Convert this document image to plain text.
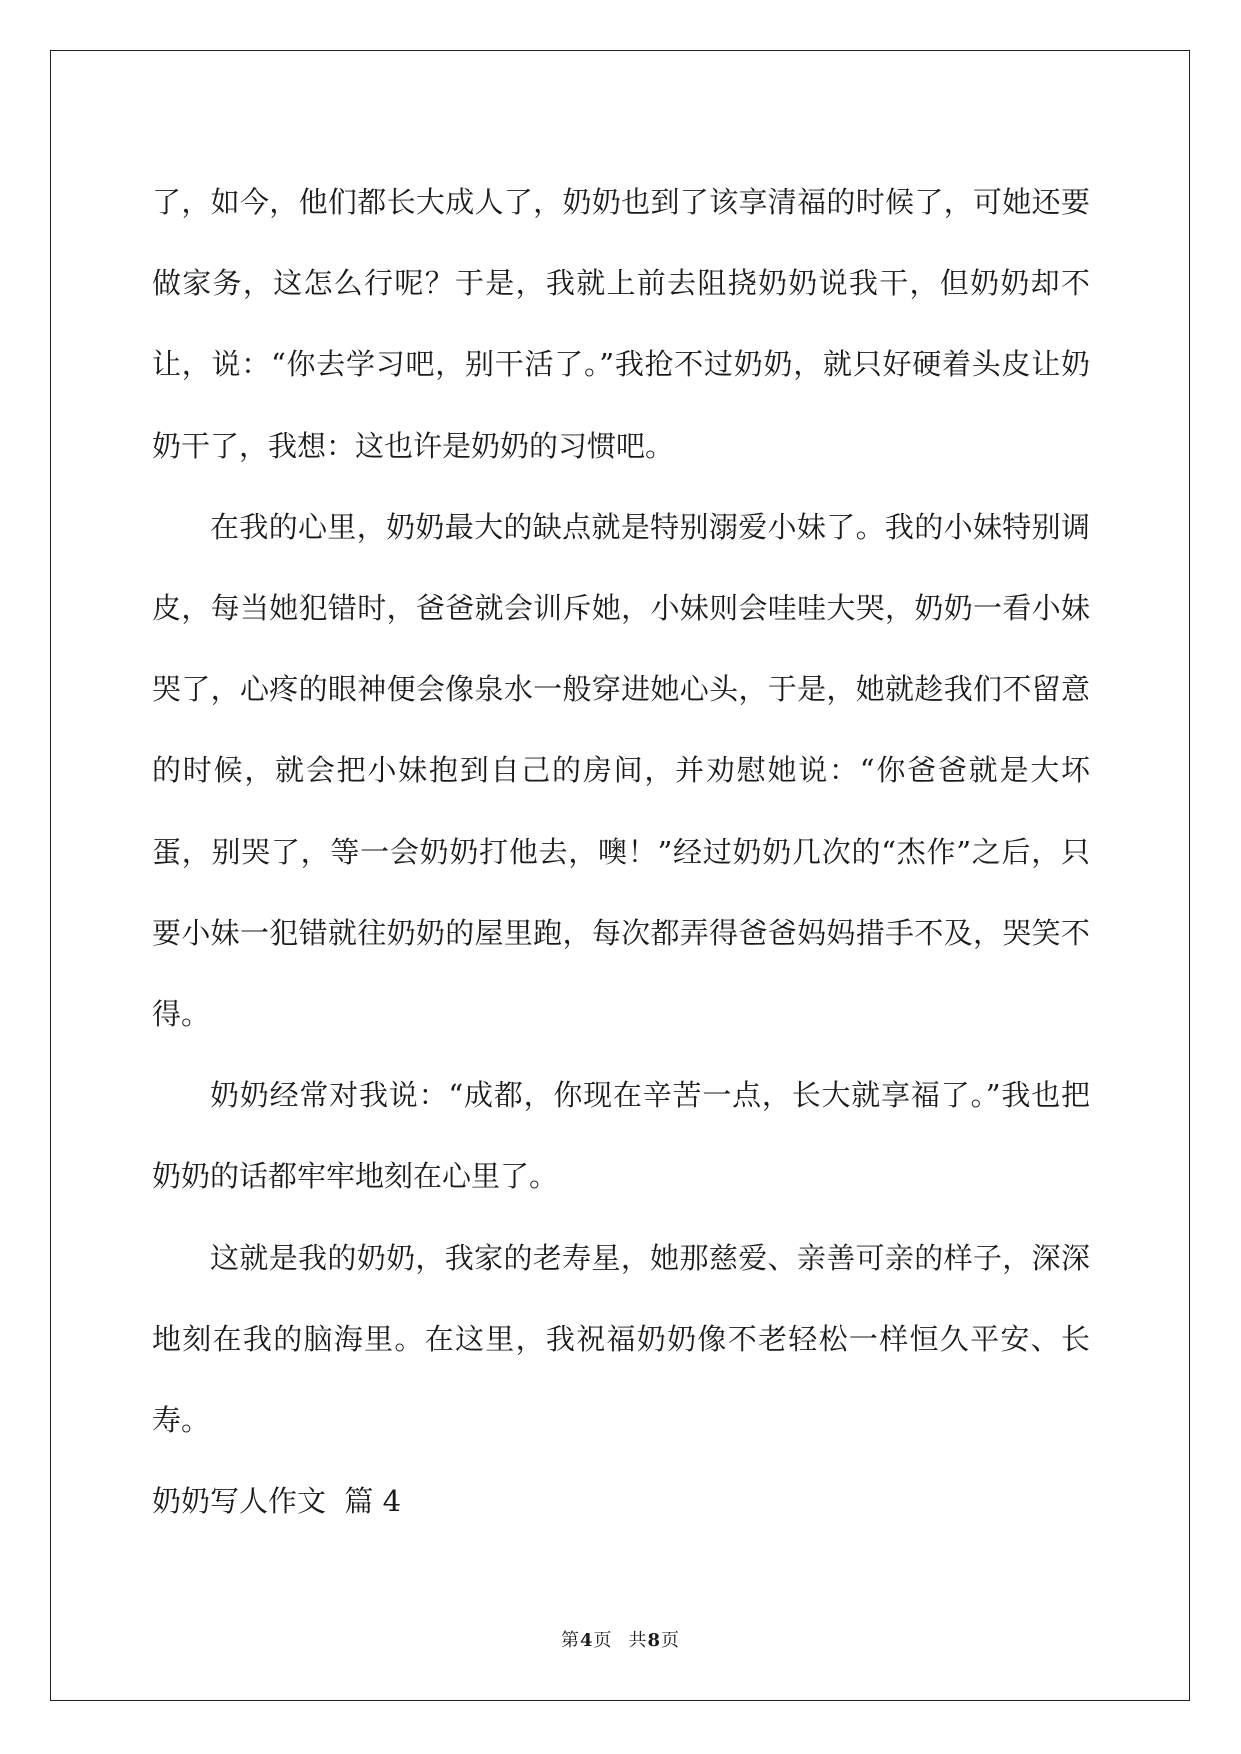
了，如今，他们都长大成人了，奶奶也到了该享清福的时候了，可她还要做家务，这怎么行呢？于是，我就上前去阻挠奶奶说我干，但奶奶却不让，说：“你去学习吧，别干活了。”我抢不过奶奶，就只好硬着头皮让奶奶干了，我想：这也许是奶奶的习惯吧。

在我的心里，奶奶最大的缺点就是特别溺爱小妹了。我的小妹特别调皮，每当她犯错时，爸爸就会训斥她，小妹则会哇哇大哭，奶奶一看小妹哭了，心疼的眼神便会像泉水一般穿进她心头，于是，她就趁我们不留意的时候，就会把小妹抱到自己的房间，并劝慰她说：“你爸爸就是大坏蛋，别哭了，等一会奶奶打他去，噢！”经过奶奶几次的“杰作”之后，只要小妹一犯错就往奶奶的屋里跑，每次都弄得爸爸妈妈措手不及，哭笑不得。

奶奶经常对我说：“成都，你现在辛苦一点，长大就享福了。”我也把奶奶的话都牢牢地刻在心里了。

这就是我的奶奶，我家的老寿星，她那慈爱、亲善可亲的样子，深深地刻在我的脑海里。在这里，我祝福奶奶像不老轻松一样恒久平安、长寿。

奶奶写人作文  篇 4

第4页 共8页
